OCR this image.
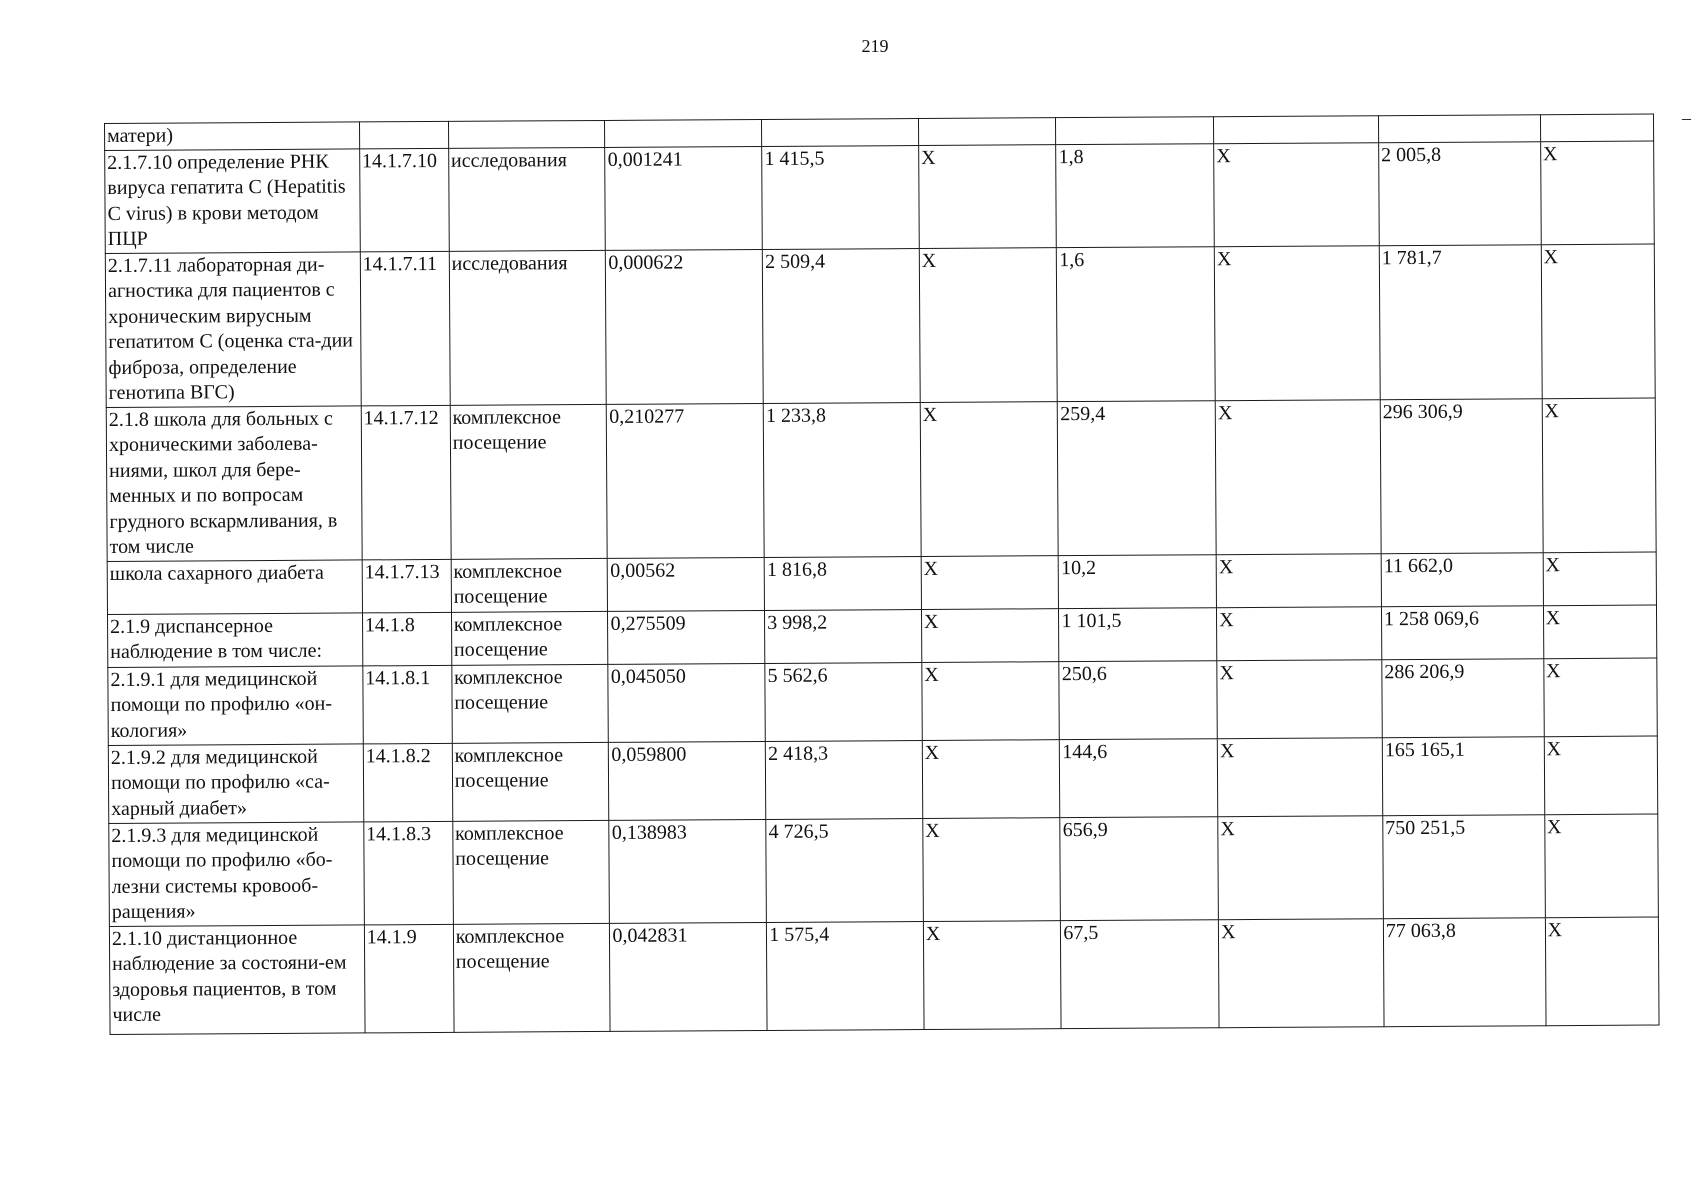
219
–
матери)									
2.1.7.10 определение РНК вируса гепатита С (Hepatitis C virus) в крови методом ПЦР	14.1.7.10	исследования	0,001241	1 415,5	X	1,8	X	2 005,8	X
2.1.7.11 лабораторная ди-агностика для пациентов с хроническим вирусным гепатитом С (оценка ста-дии фиброза, определение генотипа ВГС)	14.1.7.11	исследования	0,000622	2 509,4	X	1,6	X	1 781,7	X
2.1.8 школа для больных с хроническими заболева-ниями, школ для бере-менных и по вопросам грудного вскармливания, в том числе	14.1.7.12	комплексное посещение	0,210277	1 233,8	X	259,4	X	296 306,9	X
школа сахарного диабета	14.1.7.13	комплексное посещение	0,00562	1 816,8	X	10,2	X	11 662,0	X
2.1.9 диспансерное наблюдение в том числе:	14.1.8	комплексное посещение	0,275509	3 998,2	X	1 101,5	X	1 258 069,6	X
2.1.9.1 для медицинской помощи по профилю «он-кология»	14.1.8.1	комплексное посещение	0,045050	5 562,6	X	250,6	X	286 206,9	X
2.1.9.2 для медицинской помощи по профилю «са-харный диабет»	14.1.8.2	комплексное посещение	0,059800	2 418,3	X	144,6	X	165 165,1	X
2.1.9.3 для медицинской помощи по профилю «бо-лезни системы кровооб-ращения»	14.1.8.3	комплексное посещение	0,138983	4 726,5	X	656,9	X	750 251,5	X
2.1.10 дистанционное наблюдение за состояни-ем здоровья пациентов, в том числе	14.1.9	комплексное посещение	0,042831	1 575,4	X	67,5	X	77 063,8	X
